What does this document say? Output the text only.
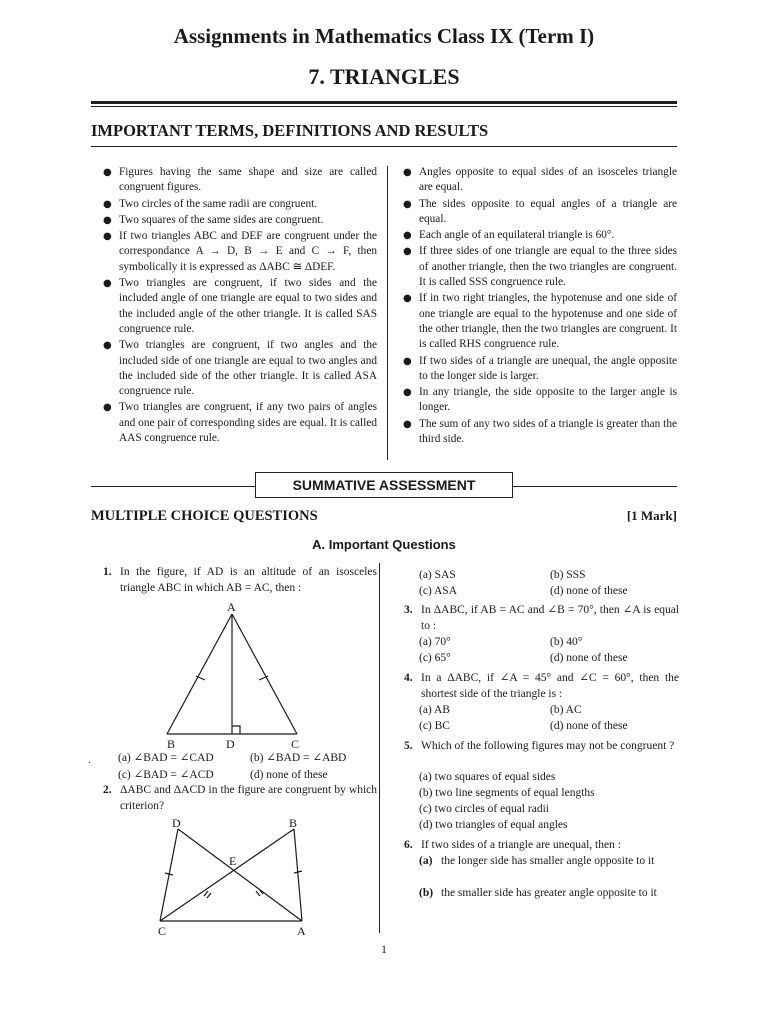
Assignments in Mathematics Class IX (Term I)
7. TRIANGLES
IMPORTANT TERMS, DEFINITIONS AND RESULTS
● Figures having the same shape and size are called congruent figures.
● Two circles of the same radii are congruent.
● Two squares of the same sides are congruent.
● If two triangles ABC and DEF are congruent under the correspondance A → D, B → E and C → F, then symbolically it is expressed as ΔABC ≅ ΔDEF.
● Two triangles are congruent, if two sides and the included angle of one triangle are equal to two sides and the included angle of the other triangle. It is called SAS congruence rule.
● Two triangles are congruent, if two angles and the included side of one triangle are equal to two angles and the included side of the other triangle. It is called ASA congruence rule.
● Two triangles are congruent, if any two pairs of angles and one pair of corresponding sides are equal. It is called AAS congruence rule.
● Angles opposite to equal sides of an isosceles triangle are equal.
● The sides opposite to equal angles of a triangle are equal.
● Each angle of an equilateral triangle is 60°.
● If three sides of one triangle are equal to the three sides of another triangle, then the two triangles are congruent. It is called SSS congruence rule.
● If in two right triangles, the hypotenuse and one side of one triangle are equal to the hypotenuse and one side of the other triangle, then the two triangles are congruent. It is called RHS congruence rule.
● If two sides of a triangle are unequal, the angle opposite to the longer side is larger.
● In any triangle, the side opposite to the larger angle is longer.
● The sum of any two sides of a triangle is greater than the third side.
SUMMATIVE ASSESSMENT
MULTIPLE CHOICE QUESTIONS	[1 Mark]
A. Important Questions
1. In the figure, if AD is an altitude of an isosceles triangle ABC in which AB = AC, then :
A
B	D	C
. (a) ∠BAD = ∠CAD	(b) ∠BAD = ∠ABD
(c) ∠BAD = ∠ACD	(d) none of these
2. ΔABC and ΔACD in the figure are congruent by which criterion?
D	B
E
C	A
(a) SAS	(b) SSS
(c) ASA	(d) none of these
3. In ΔABC, if AB = AC and ∠B = 70°, then ∠A is equal to :
(a) 70°	(b) 40°
(c) 65°	(d) none of these
4. In a ΔABC, if ∠A = 45° and ∠C = 60°, then the shortest side of the triangle is :
(a) AB	(b) AC
(c) BC	(d) none of these
5. Which of the following figures may not be congruent ?
(a) two squares of equal sides
(b) two line segments of equal lengths
(c) two circles of equal radii
(d) two triangles of equal angles
6. If two sides of a triangle are unequal, then :
(a) the longer side has smaller angle opposite to it
(b) the smaller side has greater angle opposite to it
1
